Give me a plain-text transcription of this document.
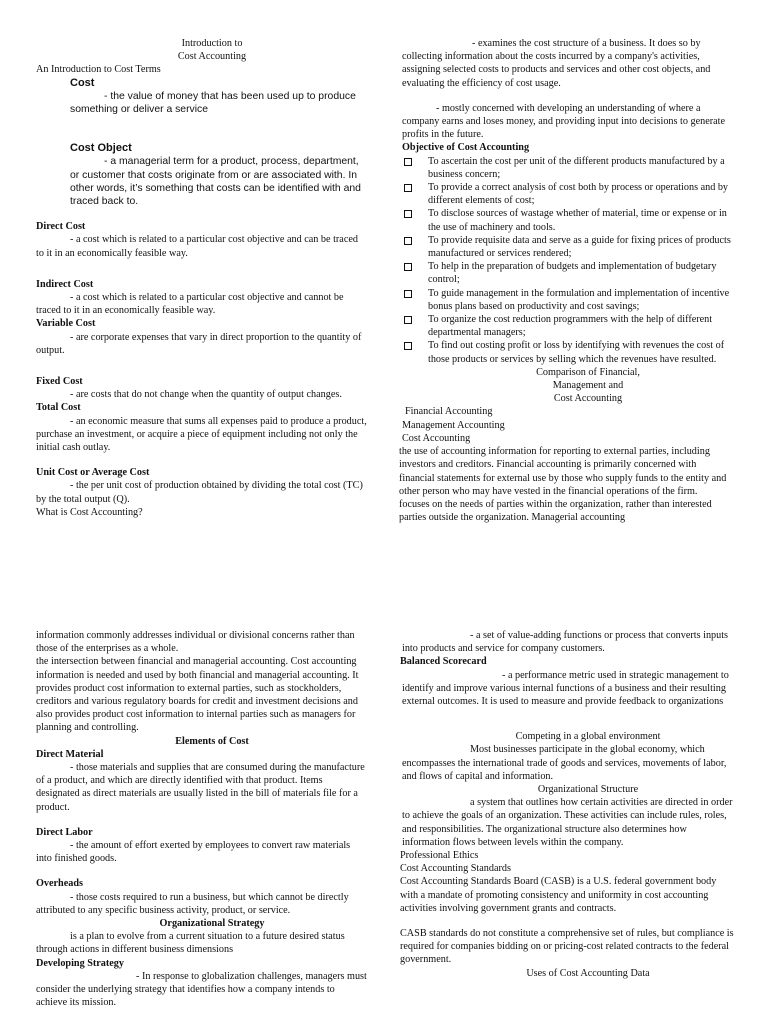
Introduction to

Cost Accounting

An Introduction to Cost Terms

Cost

- the value of money that has been used up to produce something or deliver a service

Cost Object

- a managerial term for a product, process, department, or customer that costs originate from or are associated with. In other words, it’s something that costs can be identified with and traced back to.

Direct Cost

- a cost which is related to a particular cost objective and can be traced to it in an economically feasible way.

Indirect Cost

- a cost which is related to a particular cost objective and cannot be traced to it in an economically feasible way.

Variable Cost

- are corporate expenses that vary in direct proportion to the quantity of output.

Fixed Cost

- are costs that do not change when the quantity of output changes.

Total Cost

- an economic measure that sums all expenses paid to produce a product, purchase an investment, or acquire a piece of equipment including not only the initial cash outlay.

Unit Cost or Average Cost

- the per unit cost of production obtained by dividing the total cost (TC) by the total output (Q).

What is Cost Accounting?

- examines the cost structure of a business. It does so by collecting information about the costs incurred by a company's activities, assigning selected costs to products and services and other cost objects, and evaluating the efficiency of cost usage.

- mostly concerned with developing an understanding of where a company earns and loses money, and providing input into decisions to generate profits in the future.

Objective of Cost Accounting

To ascertain the cost per unit of the different products manufactured by a business concern;
To provide a correct analysis of cost both by process or operations and by different elements of cost;
To disclose sources of wastage whether of material, time or expense or in the use of machinery and tools.
To provide requisite data and serve as a guide for fixing prices of products manufactured or services rendered;
To help in the preparation of budgets and implementation of budgetary control;
To guide management in the formulation and implementation of incentive bonus plans based on productivity and cost savings;
To organize the cost reduction programmers with the help of different departmental managers;
To find out costing profit or loss by identifying with revenues the cost of those products or services by selling which the revenues have resulted.

Comparison of Financial,

Management and

Cost Accounting

Financial Accounting

Management Accounting

Cost Accounting

the use of accounting information for reporting to external parties, including investors and creditors. Financial accounting is primarily concerned with financial statements for external use by those who supply funds to the entity and other person who may have vested in the financial operations of the firm.

focuses on the needs of parties within the organization, rather than interested parties outside the organization. Managerial accounting

information commonly addresses individual or divisional concerns rather than those of the enterprises as a whole.

the intersection between financial and managerial accounting. Cost accounting information is needed and used by both financial and managerial accounting. It provides product cost information to external parties, such as stockholders, creditors and various regulatory boards for credit and investment decisions and also provides product cost information to internal parties such as managers for planning and controlling.

Elements of Cost

Direct Material

- those materials and supplies that are consumed during the manufacture of a product, and which are directly identified with that product. Items designated as direct materials are usually listed in the bill of materials file for a product.

Direct Labor

- the amount of effort exerted by employees to convert raw materials into finished goods.

Overheads

- those costs required to run a business, but which cannot be directly attributed to any specific business activity, product, or service.

Organizational Strategy

is a plan to evolve from a current situation to a future desired status through actions in different business dimensions

Developing Strategy

- In response to globalization challenges, managers must consider the underlying strategy that identifies how a company intends to achieve its mission.

- a set of value-adding functions or process that converts inputs into products and service for company customers.

Balanced Scorecard

- a performance metric used in strategic management to identify and improve various internal functions of a business and their resulting external outcomes. It is used to measure and provide feedback to organizations

Competing in a global environment

Most businesses participate in the global economy, which encompasses the international trade of goods and services, movements of labor, and flows of capital and information.

Organizational Structure

a system that outlines how certain activities are directed in order to achieve the goals of an organization. These activities can include rules, roles, and responsibilities. The organizational structure also determines how information flows between levels within the company.

Professional Ethics

Cost Accounting Standards

Cost Accounting Standards Board (CASB) is a U.S. federal government body with a mandate of promoting consistency and uniformity in cost accounting activities involving government grants and contracts.

CASB standards do not constitute a comprehensive set of rules, but compliance is required for companies bidding on or pricing-cost related contracts to the federal government.

Uses of Cost Accounting Data
